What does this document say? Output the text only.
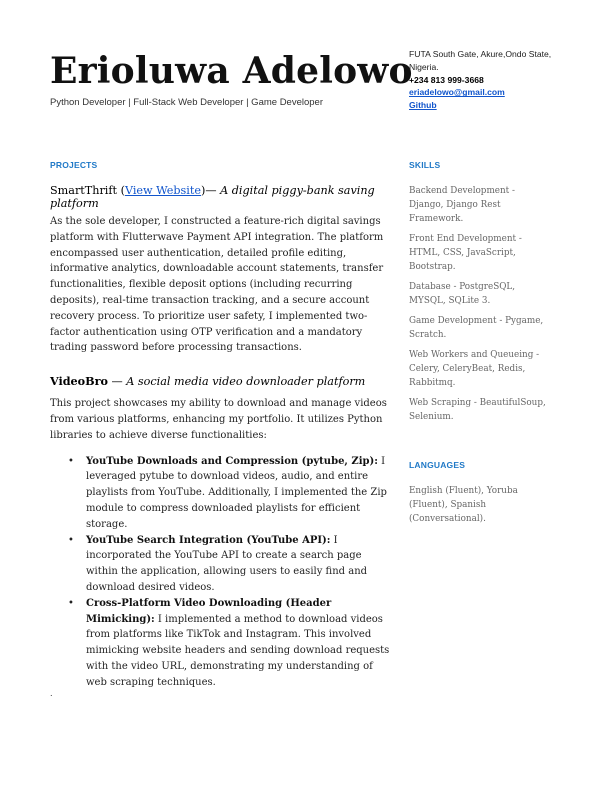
Erioluwa Adelowo
Python Developer | Full-Stack Web Developer | Game Developer
FUTA South Gate, Akure,Ondo State, Nigeria.
+234 813 999-3668
eriadelowo@gmail.com
Github
PROJECTS

SmartThrift (View Website)— A digital piggy-bank saving platform

As the sole developer, I constructed a feature-rich digital savings platform with Flutterwave Payment API integration. The platform encompassed user authentication, detailed profile editing, informative analytics, downloadable account statements, transfer functionalities, flexible deposit options (including recurring deposits), real-time transaction tracking, and a secure account recovery process. To prioritize user safety, I implemented two-factor authentication using OTP verification and a mandatory trading password before processing transactions.

VideoBro — A social media video downloader platform

This project showcases my ability to download and manage videos from various platforms, enhancing my portfolio. It utilizes Python libraries to achieve diverse functionalities:

• YouTube Downloads and Compression (pytube, Zip): I leveraged pytube to download videos, audio, and entire playlists from YouTube. Additionally, I implemented the Zip module to compress downloaded playlists for efficient storage.
• YouTube Search Integration (YouTube API): I incorporated the YouTube API to create a search page within the application, allowing users to easily find and download desired videos.
• Cross-Platform Video Downloading (Header Mimicking): I implemented a method to download videos from platforms like TikTok and Instagram. This involved mimicking website headers and sending download requests with the video URL, demonstrating my understanding of web scraping techniques.
.
SKILLS

Backend Development - Django, Django Rest Framework.

Front End Development - HTML, CSS, JavaScript, Bootstrap.

Database - PostgreSQL, MYSQL, SQLite 3.

Game Development - Pygame, Scratch.

Web Workers and Queueing - Celery, CeleryBeat, Redis, Rabbitmq.

Web Scraping - BeautifulSoup, Selenium.

LANGUAGES

English (Fluent), Yoruba (Fluent), Spanish (Conversational).
